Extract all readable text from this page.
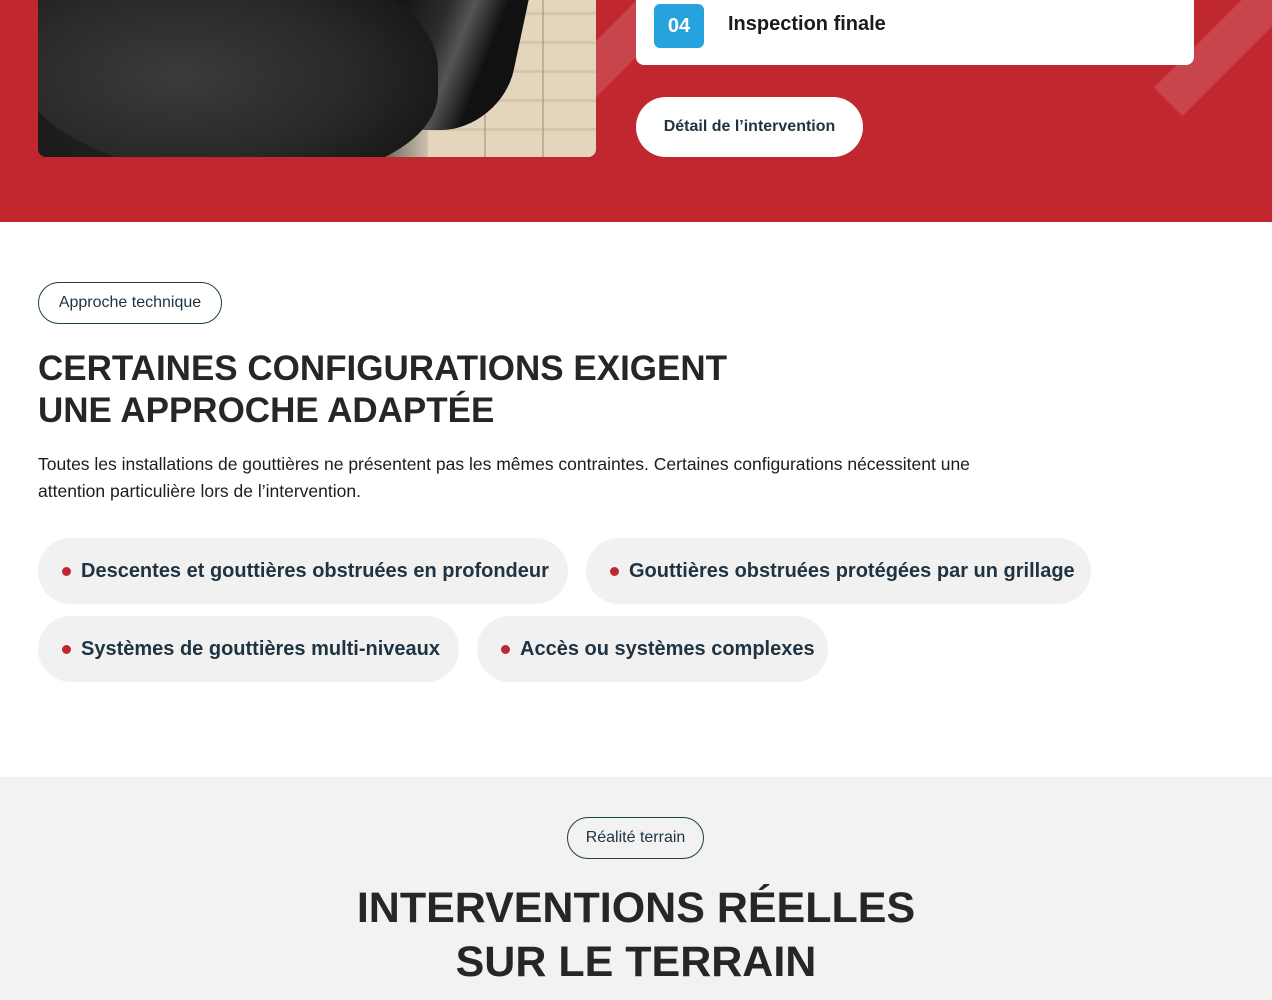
04	Inspection finale
Détail de l’intervention
Approche technique
CERTAINES CONFIGURATIONS EXIGENT
UNE APPROCHE ADAPTÉE

Toutes les installations de gouttières ne présentent pas les mêmes contraintes. Certaines configurations nécessitent une attention particulière lors de l’intervention.

Descentes et gouttières obstruées en profondeur	Gouttières obstruées protégées par un grillage
Systèmes de gouttières multi-niveaux	Accès ou systèmes complexes
Réalité terrain
INTERVENTIONS RÉELLES
SUR LE TERRAIN
